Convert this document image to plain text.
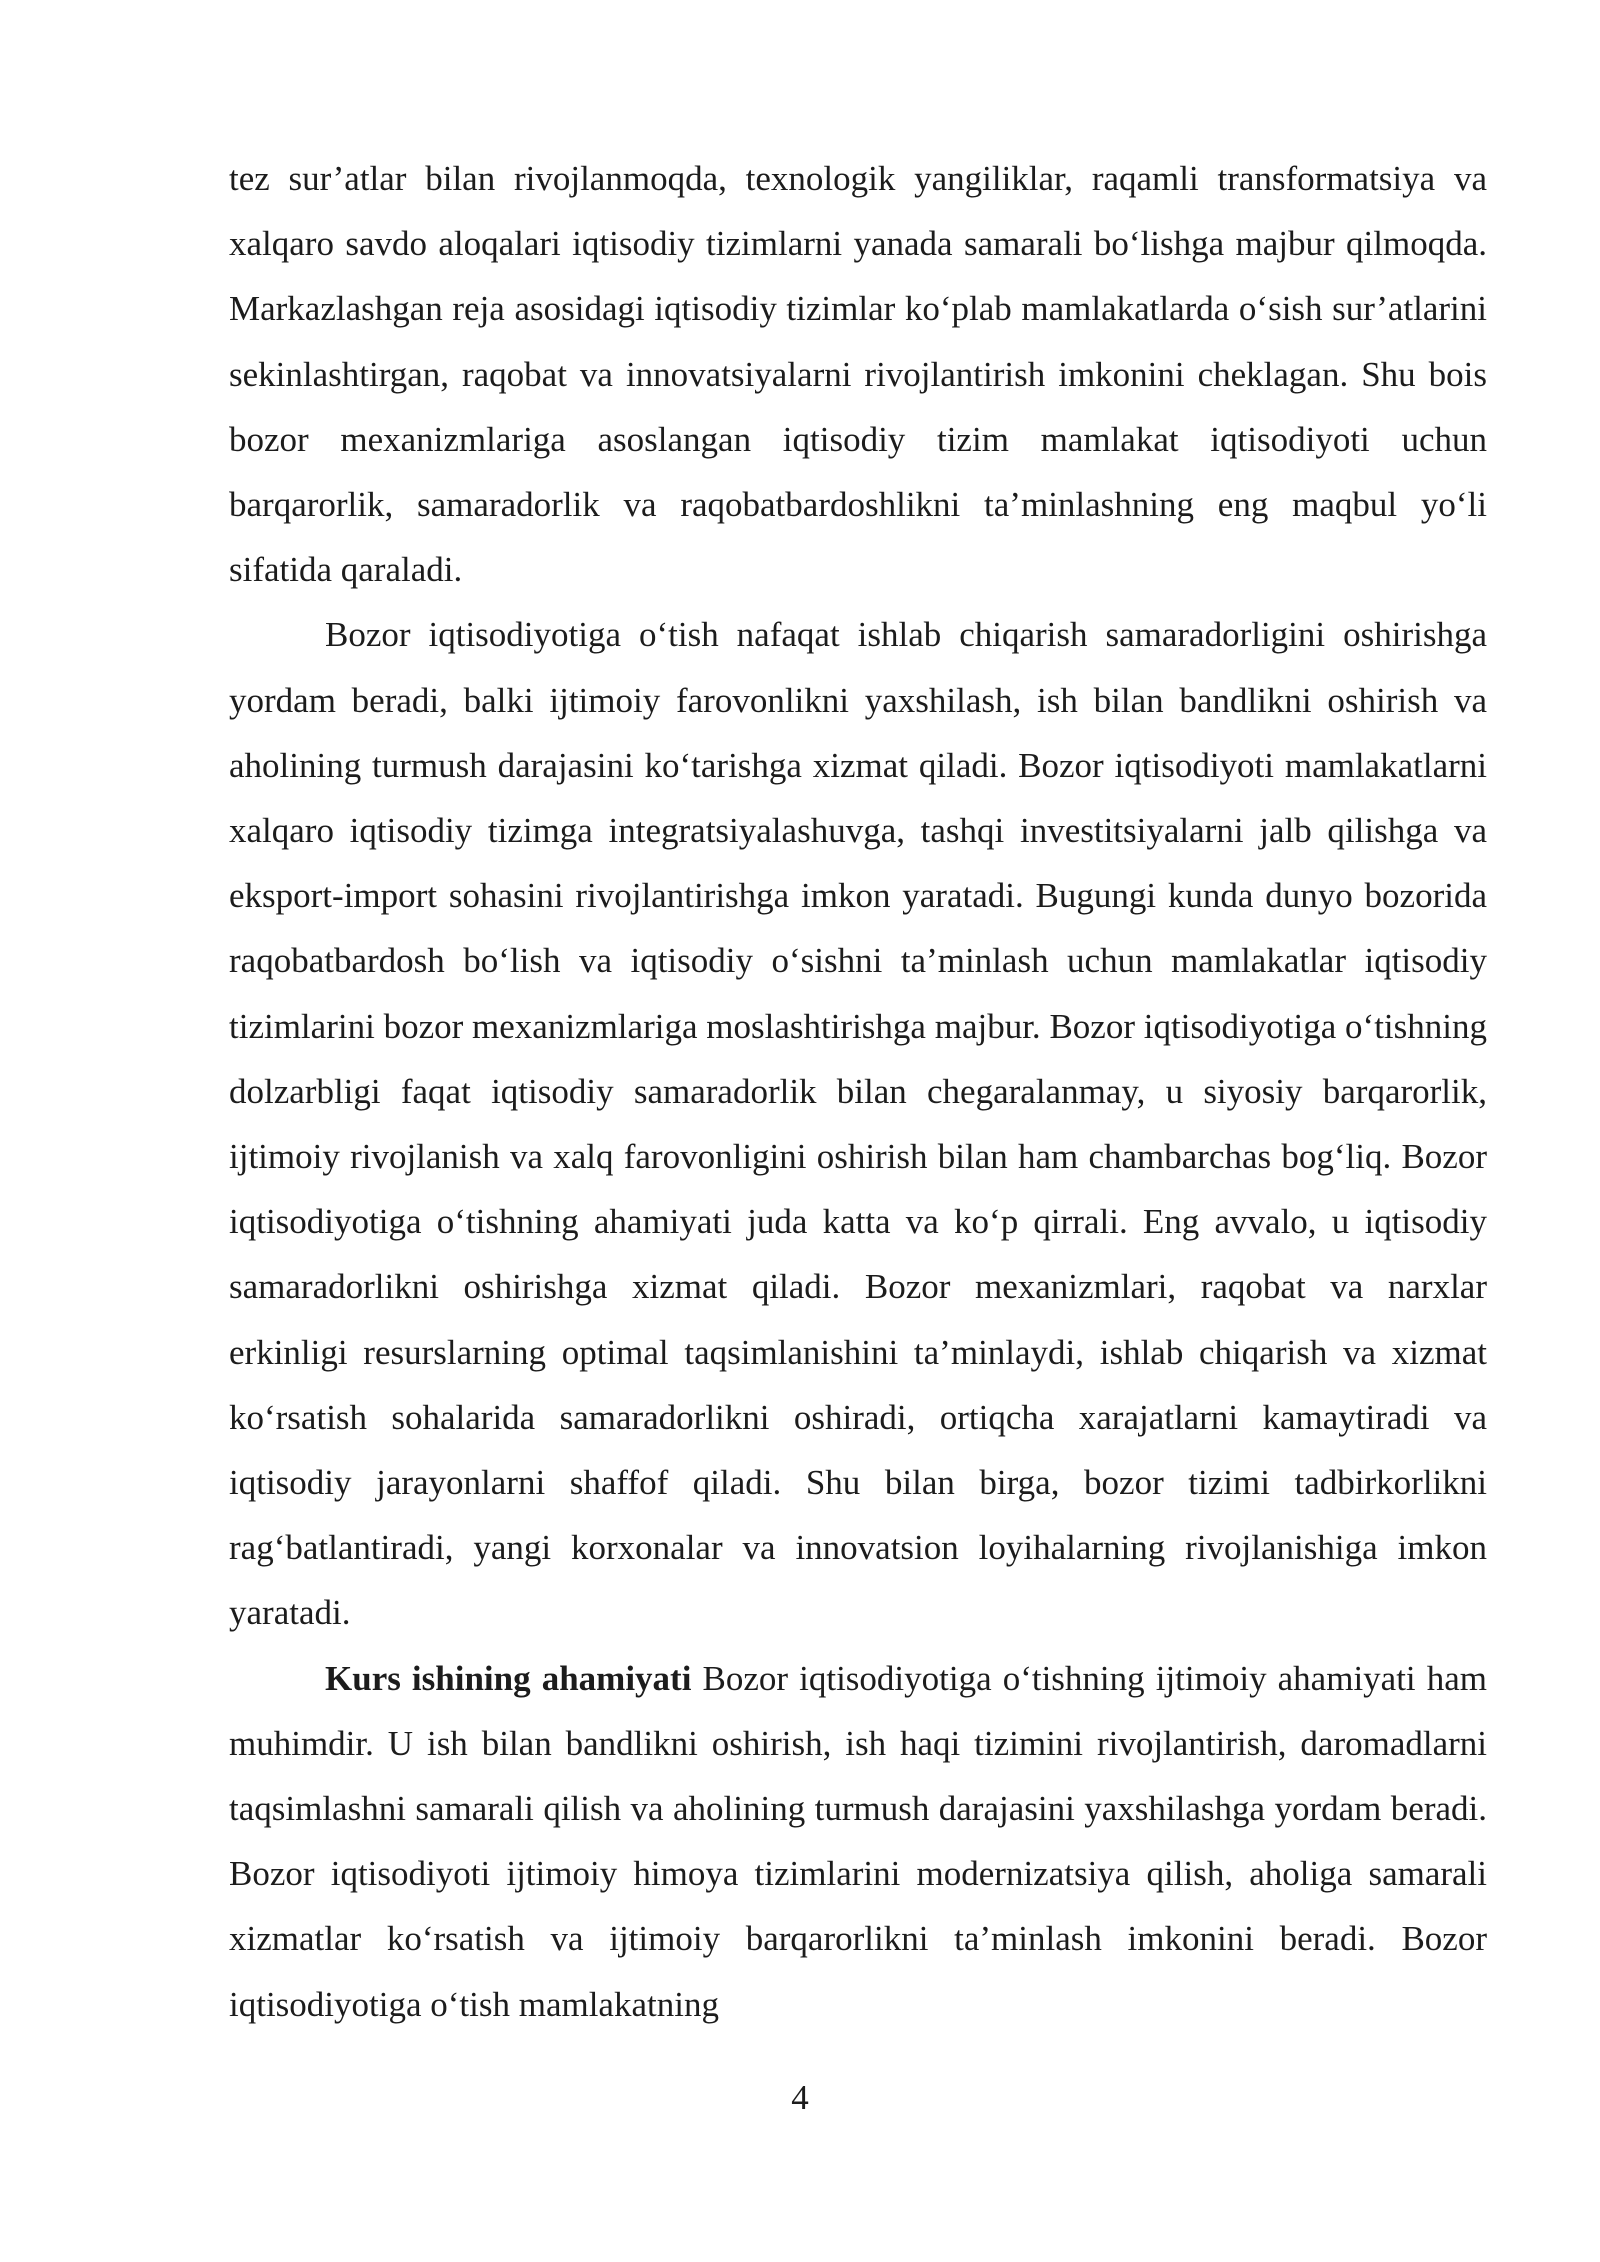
tez sur’atlar bilan rivojlanmoqda, texnologik yangiliklar, raqamli transformatsiya va xalqaro savdo aloqalari iqtisodiy tizimlarni yanada samarali bo‘lishga majbur qilmoqda. Markazlashgan reja asosidagi iqtisodiy tizimlar ko‘plab mamlakatlarda o‘sish sur’atlarini sekinlashtirgan, raqobat va innovatsiyalarni rivojlantirish imkonini cheklagan. Shu bois bozor mexanizmlariga asoslangan iqtisodiy tizim mamlakat iqtisodiyoti uchun barqarorlik, samaradorlik va raqobatbardoshlikni ta’minlashning eng maqbul yo‘li sifatida qaraladi.

Bozor iqtisodiyotiga o‘tish nafaqat ishlab chiqarish samaradorligini oshirishga yordam beradi, balki ijtimoiy farovonlikni yaxshilash, ish bilan bandlikni oshirish va aholining turmush darajasini ko‘tarishga xizmat qiladi. Bozor iqtisodiyoti mamlakatlarni xalqaro iqtisodiy tizimga integratsiyalashuvga, tashqi investitsiyalarni jalb qilishga va eksport-import sohasini rivojlantirishga imkon yaratadi. Bugungi kunda dunyo bozorida raqobatbardosh bo‘lish va iqtisodiy o‘sishni ta’minlash uchun mamlakatlar iqtisodiy tizimlarini bozor mexanizmlariga moslashtirishga majbur. Bozor iqtisodiyotiga o‘tishning dolzarbligi faqat iqtisodiy samaradorlik bilan chegaralanmay, u siyosiy barqarorlik, ijtimoiy rivojlanish va xalq farovonligini oshirish bilan ham chambarchas bog‘liq. Bozor iqtisodiyotiga o‘tishning ahamiyati juda katta va ko‘p qirrali. Eng avvalo, u iqtisodiy samaradorlikni oshirishga xizmat qiladi. Bozor mexanizmlari, raqobat va narxlar erkinligi resurslarning optimal taqsimlanishini ta’minlaydi, ishlab chiqarish va xizmat ko‘rsatish sohalarida samaradorlikni oshiradi, ortiqcha xarajatlarni kamaytiradi va iqtisodiy jarayonlarni shaffof qiladi. Shu bilan birga, bozor tizimi tadbirkorlikni rag‘batlantiradi, yangi korxonalar va innovatsion loyihalarning rivojlanishiga imkon yaratadi.

Kurs ishining ahamiyati Bozor iqtisodiyotiga o‘tishning ijtimoiy ahamiyati ham muhimdir. U ish bilan bandlikni oshirish, ish haqi tizimini rivojlantirish, daromadlarni taqsimlashni samarali qilish va aholining turmush darajasini yaxshilashga yordam beradi. Bozor iqtisodiyoti ijtimoiy himoya tizimlarini modernizatsiya qilish, aholiga samarali xizmatlar ko‘rsatish va ijtimoiy barqarorlikni ta’minlash imkonini beradi. Bozor iqtisodiyotiga o‘tish mamlakatning

4
